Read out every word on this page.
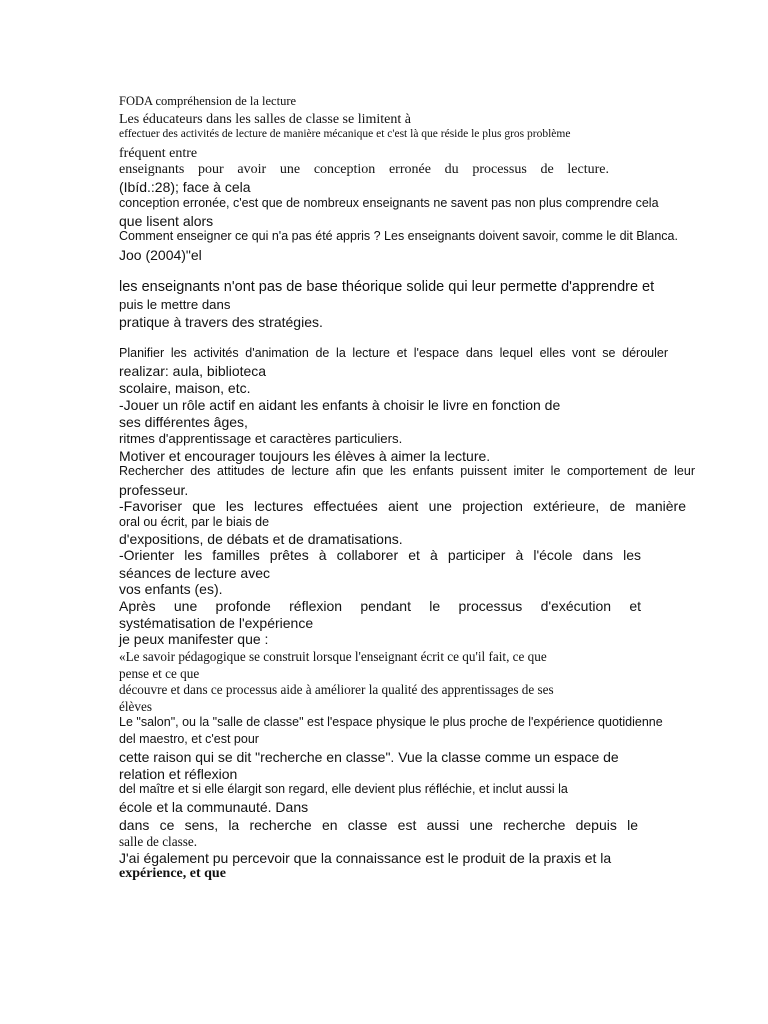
FODA compréhension de la lecture
Les éducateurs dans les salles de classe se limitent à
effectuer des activités de lecture de manière mécanique et c'est là que réside le plus gros problème
fréquent entre
enseignants pour avoir une conception erronée du processus de lecture.
(Ibíd.:28); face à cela
conception erronée, c'est que de nombreux enseignants ne savent pas non plus comprendre cela
que lisent alors
Comment enseigner ce qui n'a pas été appris ? Les enseignants doivent savoir, comme le dit Blanca.
Joo (2004)"el
les enseignants n'ont pas de base théorique solide qui leur permette d'apprendre et
puis le mettre dans
pratique à travers des stratégies.
Planifier les activités d'animation de la lecture et l'espace dans lequel elles vont se dérouler
realizar: aula, biblioteca
scolaire, maison, etc.
-Jouer un rôle actif en aidant les enfants à choisir le livre en fonction de
ses différentes âges,
ritmes d'apprentissage et caractères particuliers.
Motiver et encourager toujours les élèves à aimer la lecture.
Rechercher des attitudes de lecture afin que les enfants puissent imiter le comportement de leur
professeur.
-Favoriser que les lectures effectuées aient une projection extérieure, de manière
oral ou écrit, par le biais de
d'expositions, de débats et de dramatisations.
-Orienter les familles prêtes à collaborer et à participer à l'école dans les
séances de lecture avec
vos enfants (es).
Après une profonde réflexion pendant le processus d'exécution et
systématisation de l'expérience
je peux manifester que :
«Le savoir pédagogique se construit lorsque l'enseignant écrit ce qu'il fait, ce que
pense et ce que
découvre et dans ce processus aide à améliorer la qualité des apprentissages de ses
élèves
Le "salon", ou la "salle de classe" est l'espace physique le plus proche de l'expérience quotidienne
del maestro, et c'est pour
cette raison qui se dit "recherche en classe". Vue la classe comme un espace de
relation et réflexion
del maître et si elle élargit son regard, elle devient plus réfléchie, et inclut aussi la
école et la communauté. Dans
dans ce sens, la recherche en classe est aussi une recherche depuis le
salle de classe.
J'ai également pu percevoir que la connaissance est le produit de la praxis et la
expérience, et que
